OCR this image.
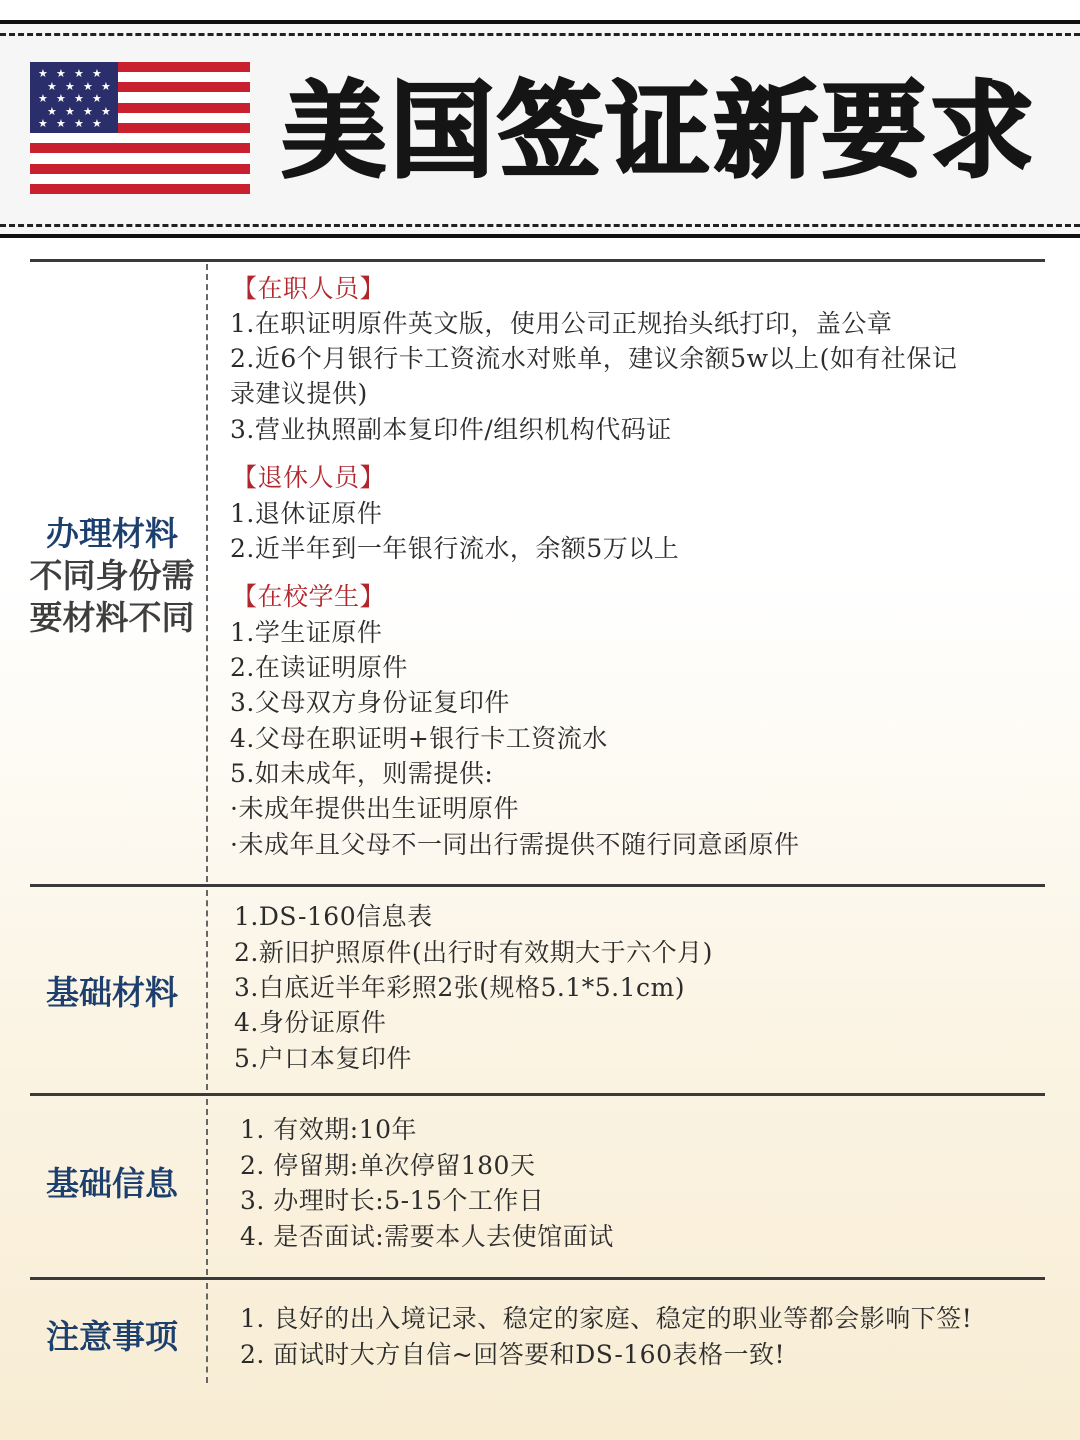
★ ★ ★ ★
★ ★ ★ ★
★ ★ ★ ★
★ ★ ★ ★
★ ★ ★ ★ 美国签证新要求
办理材料
不同身份需
要材料不同
【在职人员】
1.在职证明原件英文版，使用公司正规抬头纸打印，盖公章
2.近6个月银行卡工资流水对账单，建议余额5w以上(如有社保记
录建议提供)
3.营业执照副本复印件/组织机构代码证
【退休人员】
1.退休证原件
2.近半年到一年银行流水，余额5万以上
【在校学生】
1.学生证原件
2.在读证明原件
3.父母双方身份证复印件
4.父母在职证明+银行卡工资流水
5.如未成年，则需提供:
·未成年提供出生证明原件
·未成年且父母不一同出行需提供不随行同意函原件
基础材料
1.DS-160信息表
2.新旧护照原件(出行时有效期大于六个月)
3.白底近半年彩照2张(规格5.1*5.1cm)
4.身份证原件
5.户口本复印件
基础信息
1. 有效期:10年
2. 停留期:单次停留180天
3. 办理时长:5-15个工作日
4. 是否面试:需要本人去使馆面试
注意事项	1. 良好的出入境记录、稳定的家庭、稳定的职业等都会影响下签!
2. 面试时大方自信~回答要和DS-160表格一致!
